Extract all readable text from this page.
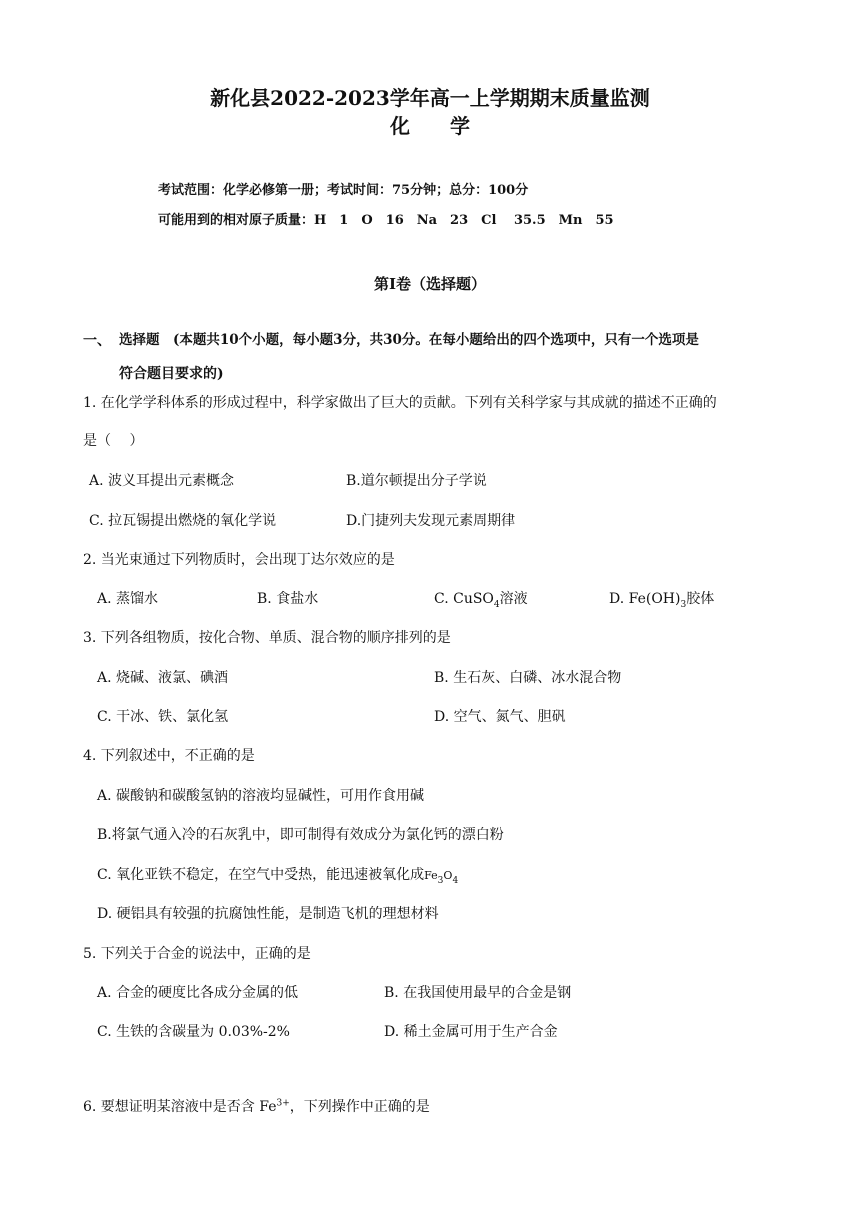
新化县2022-2023学年高一上学期期末质量监测
化　　学
考试范围：化学必修第一册；考试时间：75分钟；总分：100分
可能用到的相对原子质量：H　1　O　16　Na　23　Cl　 35.5　Mn　55
第I卷（选择题）
一、 选择题　(本题共10个小题，每小题3分，共30分。在每小题给出的四个选项中，只有一个选项是
符合题目要求的)
1. 在化学学科体系的形成过程中，科学家做出了巨大的贡献。下列有关科学家与其成就的描述不正确的
是（　 ）
A. 波义耳提出元素概念	B.道尔顿提出分子学说
C. 拉瓦锡提出燃烧的氧化学说	D.门捷列夫发现元素周期律
2. 当光束通过下列物质时，会出现丁达尔效应的是
A. 蒸馏水	B. 食盐水	C. CuSO$_4$溶液	D. $Fe(OH)_3$胶体
3. 下列各组物质，按化合物、单质、混合物的顺序排列的是
A. 烧碱、液氯、碘酒	B. 生石灰、白磷、冰水混合物
C. 干冰、铁、氯化氢	D. 空气、氮气、胆矾
4. 下列叙述中，不正确的是
A. 碳酸钠和碳酸氢钠的溶液均显碱性，可用作食用碱
B.将氯气通入冷的石灰乳中，即可制得有效成分为氯化钙的漂白粉
C. 氧化亚铁不稳定，在空气中受热，能迅速被氧化成$Fe_3O_4$
D. 硬铝具有较强的抗腐蚀性能，是制造飞机的理想材料
5. 下列关于合金的说法中，正确的是
A. 合金的硬度比各成分金属的低	B. 在我国使用最早的合金是钢
C. 生铁的含碳量为 0.03%-2%	D. 稀土金属可用于生产合金
6. 要想证明某溶液中是否含 $Fe^{3+}$，下列操作中正确的是
